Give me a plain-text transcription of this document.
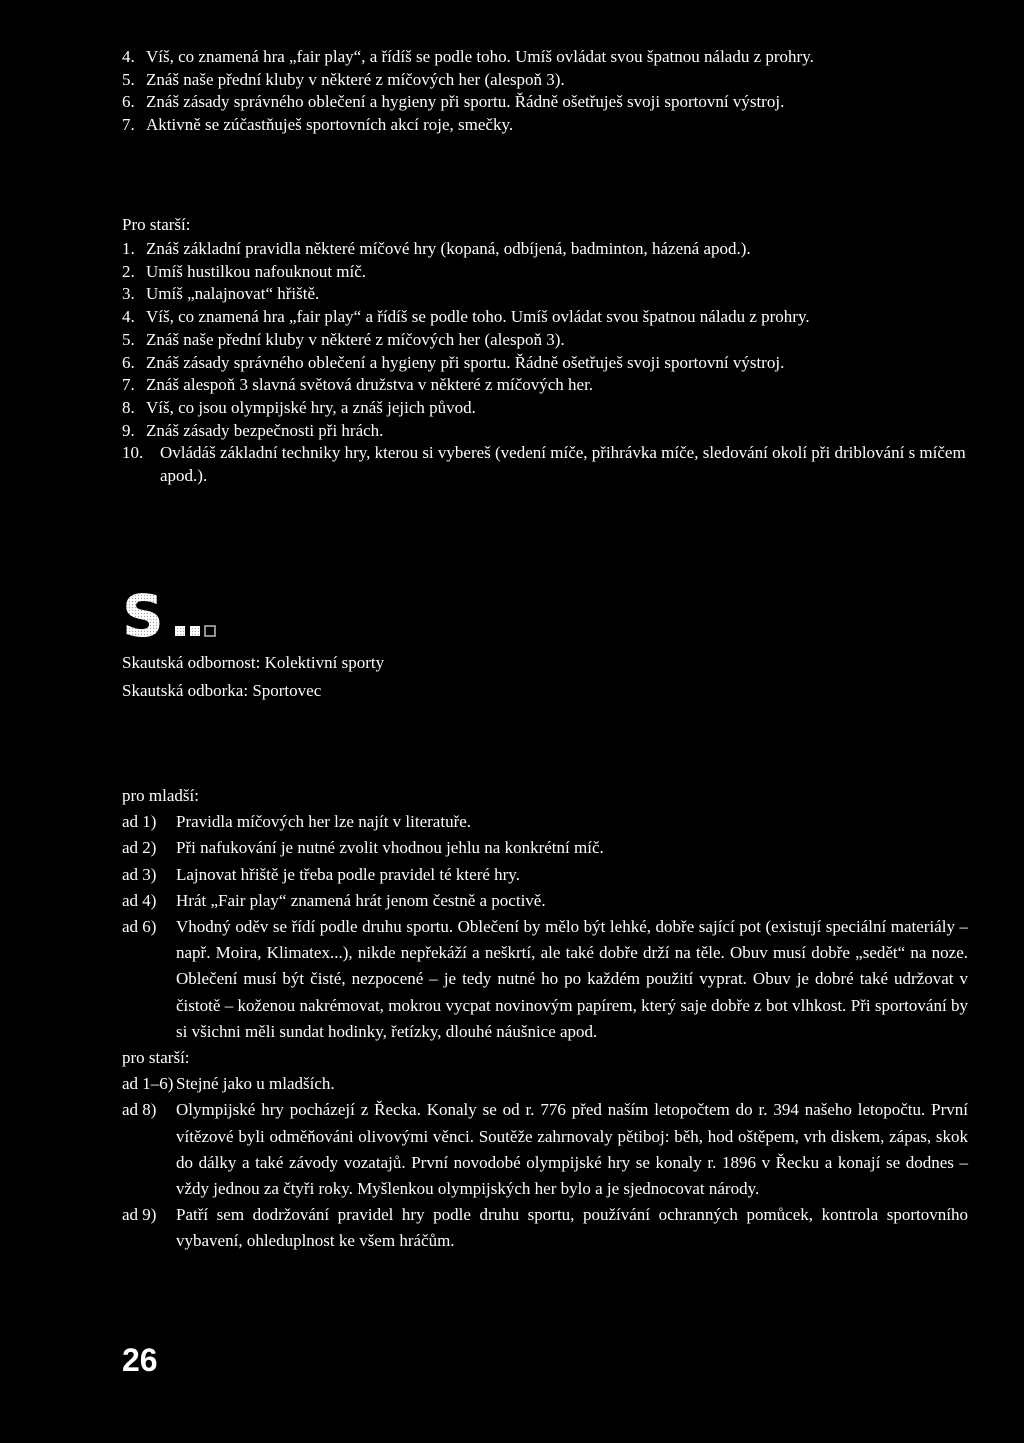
4. Víš, co znamená hra „fair play“, a řídíš se podle toho. Umíš ovládat svou špatnou náladu z prohry.
5. Znáš naše přední kluby v některé z míčových her (alespoň 3).
6. Znáš zásady správného oblečení a hygieny při sportu. Řádně ošetřuješ svoji sportovní výstroj.
7. Aktivně se zúčastňuješ sportovních akcí roje, smečky.
Pro starší:
1. Znáš základní pravidla některé míčové hry (kopaná, odbíjená, badminton, házená apod.).
2. Umíš hustilkou nafouknout míč.
3. Umíš „nalajnovat“ hřiště.
4. Víš, co znamená hra „fair play“ a řídíš se podle toho. Umíš ovládat svou špatnou náladu z prohry.
5. Znáš naše přední kluby v některé z míčových her (alespoň 3).
6. Znáš zásady správného oblečení a hygieny při sportu. Řádně ošetřuješ svoji sportovní výstroj.
7. Znáš alespoň 3 slavná světová družstva v některé z míčových her.
8. Víš, co jsou olympijské hry, a znáš jejich původ.
9. Znáš zásady bezpečnosti při hrách.
10. Ovládáš základní techniky hry, kterou si vybereš (vedení míče, přihrávka míče, sledování okolí při driblování s míčem apod.).
S
Skautská odbornost: Kolektivní sporty
Skautská odborka: Sportovec
pro mladší:
ad 1)	Pravidla míčových her lze najít v literatuře.
ad 2)	Při nafukování je nutné zvolit vhodnou jehlu na konkrétní míč.
ad 3)	Lajnovat hřiště je třeba podle pravidel té které hry.
ad 4)	Hrát „Fair play“ znamená hrát jenom čestně a poctivě.
ad 6)	Vhodný oděv se řídí podle druhu sportu. Oblečení by mělo být lehké, dobře sající pot (existují speciální materiály – např. Moira, Klimatex...), nikde nepřekáží a neškrtí, ale také dobře drží na těle. Obuv musí dobře „sedět“ na noze. Oblečení musí být čisté, nezpocené – je tedy nutné ho po každém použití vyprat. Obuv je dobré také udržovat v čistotě – koženou nakrémovat, mokrou vycpat novinovým papírem, který saje dobře z bot vlhkost. Při sportování by si všichni měli sundat hodinky, řetízky, dlouhé náušnice apod.
pro starší:
ad 1–6) Stejné jako u mladších.
ad 8)	Olympijské hry pocházejí z Řecka. Konaly se od r. 776 před naším letopočtem do r. 394 našeho letopočtu. První vítězové byli odměňováni olivovými věnci. Soutěže zahrnovaly pětiboj: běh, hod oštěpem, vrh diskem, zápas, skok do dálky a také závody vozatajů. První novodobé olympijské hry se konaly r. 1896 v Řecku a konají se dodnes – vždy jednou za čtyři roky. Myšlenkou olympijských her bylo a je sjednocovat národy.
ad 9)	Patří sem dodržování pravidel hry podle druhu sportu, používání ochranných pomůcek, kontrola sportovního vybavení, ohleduplnost ke všem hráčům.
26
